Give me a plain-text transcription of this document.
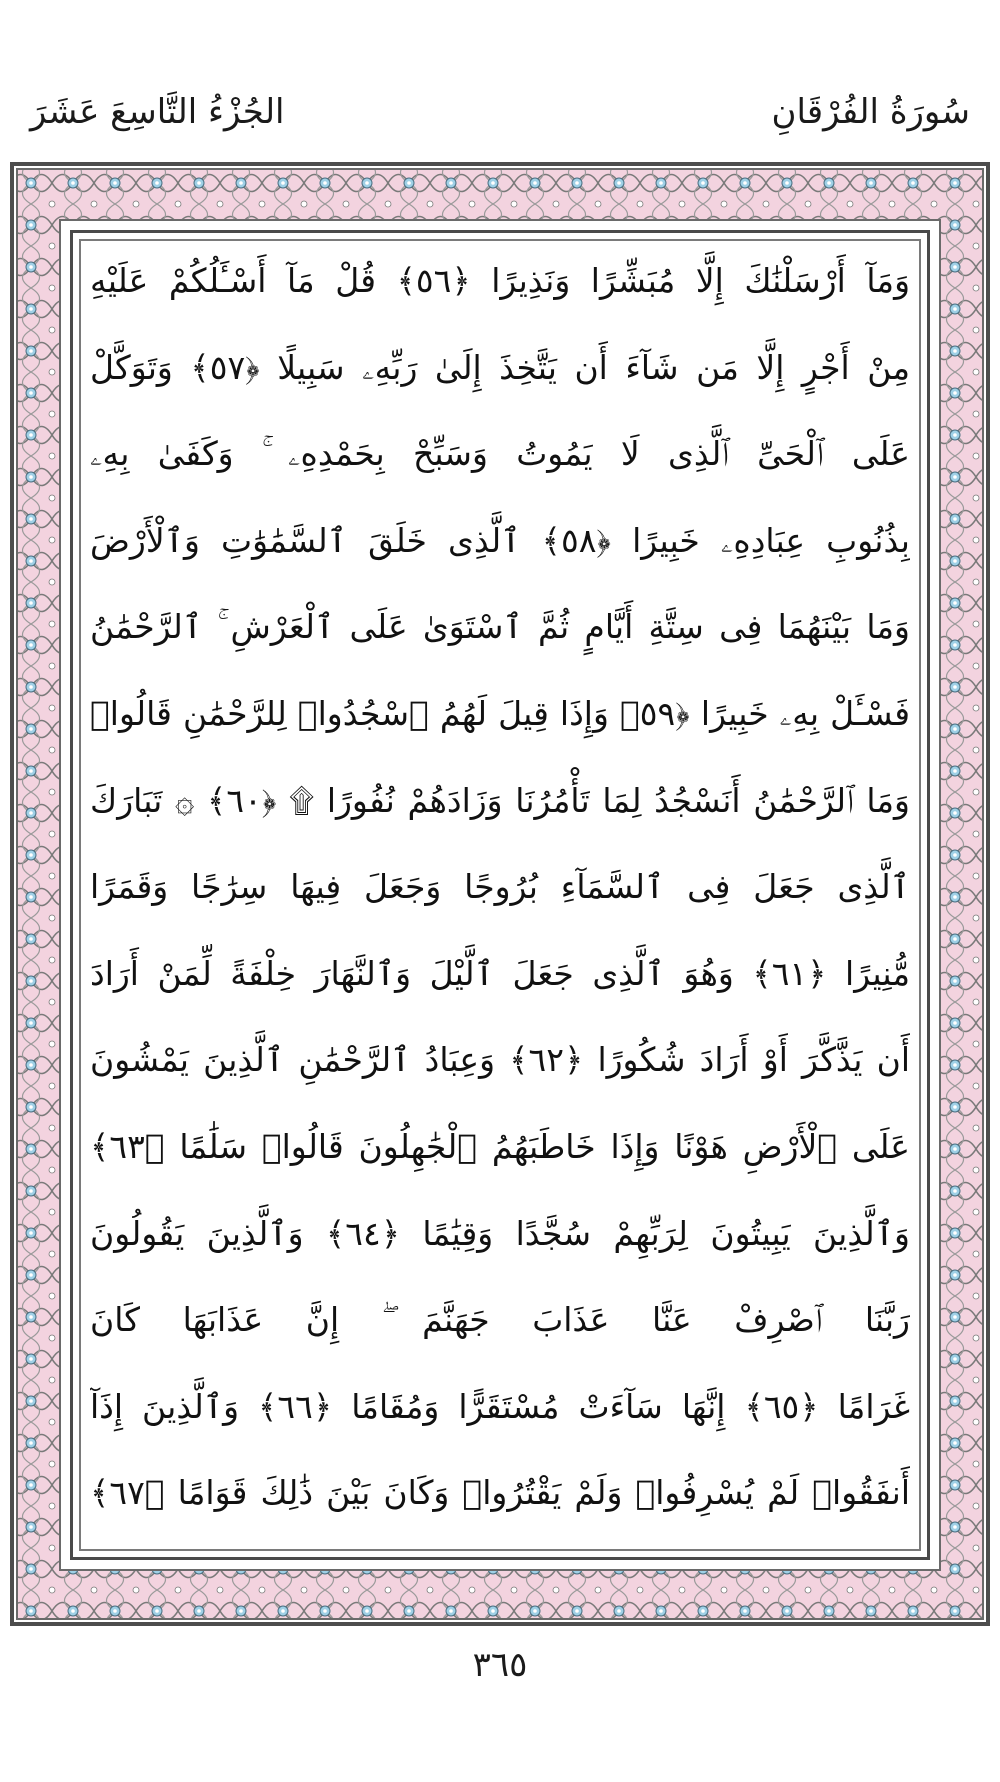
سُورَةُ الفُرْقَانِ
الجُزْءُ التَّاسِعَ عَشَرَ
وَمَآ أَرْسَلْنَٰكَ إِلَّا مُبَشِّرًا وَنَذِيرًا ﴿٥٦﴾ قُلْ مَآ أَسْـَٔلُكُمْ عَلَيْهِ
مِنْ أَجْرٍ إِلَّا مَن شَآءَ أَن يَتَّخِذَ إِلَىٰ رَبِّهِۦ سَبِيلًا ﴿٥٧﴾ وَتَوَكَّلْ
عَلَى ٱلْحَىِّ ٱلَّذِى لَا يَمُوتُ وَسَبِّحْ بِحَمْدِهِۦ ۚ وَكَفَىٰ بِهِۦ
بِذُنُوبِ عِبَادِهِۦ خَبِيرًا ﴿٥٨﴾ ٱلَّذِى خَلَقَ ٱلسَّمَٰوَٰتِ وَٱلْأَرْضَ
وَمَا بَيْنَهُمَا فِى سِتَّةِ أَيَّامٍ ثُمَّ ٱسْتَوَىٰ عَلَى ٱلْعَرْشِ ۚ ٱلرَّحْمَٰنُ
فَسْـَٔلْ بِهِۦ خَبِيرًا ﴿٥٩﴾ وَإِذَا قِيلَ لَهُمُ ٱسْجُدُوا۟ لِلرَّحْمَٰنِ قَالُوا۟
وَمَا ٱلرَّحْمَٰنُ أَنَسْجُدُ لِمَا تَأْمُرُنَا وَزَادَهُمْ نُفُورًا ۩ ﴿٦٠﴾ ۞ تَبَارَكَ
ٱلَّذِى جَعَلَ فِى ٱلسَّمَآءِ بُرُوجًا وَجَعَلَ فِيهَا سِرَٰجًا وَقَمَرًا
مُّنِيرًا ﴿٦١﴾ وَهُوَ ٱلَّذِى جَعَلَ ٱلَّيْلَ وَٱلنَّهَارَ خِلْفَةً لِّمَنْ أَرَادَ
أَن يَذَّكَّرَ أَوْ أَرَادَ شُكُورًا ﴿٦٢﴾ وَعِبَادُ ٱلرَّحْمَٰنِ ٱلَّذِينَ يَمْشُونَ
عَلَى ٱلْأَرْضِ هَوْنًا وَإِذَا خَاطَبَهُمُ ٱلْجَٰهِلُونَ قَالُوا۟ سَلَٰمًا ﴿٦٣﴾
وَٱلَّذِينَ يَبِيتُونَ لِرَبِّهِمْ سُجَّدًا وَقِيَٰمًا ﴿٦٤﴾ وَٱلَّذِينَ يَقُولُونَ
رَبَّنَا ٱصْرِفْ عَنَّا عَذَابَ جَهَنَّمَ ۖ إِنَّ عَذَابَهَا كَانَ
غَرَامًا ﴿٦٥﴾ إِنَّهَا سَآءَتْ مُسْتَقَرًّا وَمُقَامًا ﴿٦٦﴾ وَٱلَّذِينَ إِذَآ
أَنفَقُوا۟ لَمْ يُسْرِفُوا۟ وَلَمْ يَقْتُرُوا۟ وَكَانَ بَيْنَ ذَٰلِكَ قَوَامًا ﴿٦٧﴾
٣٦٥
